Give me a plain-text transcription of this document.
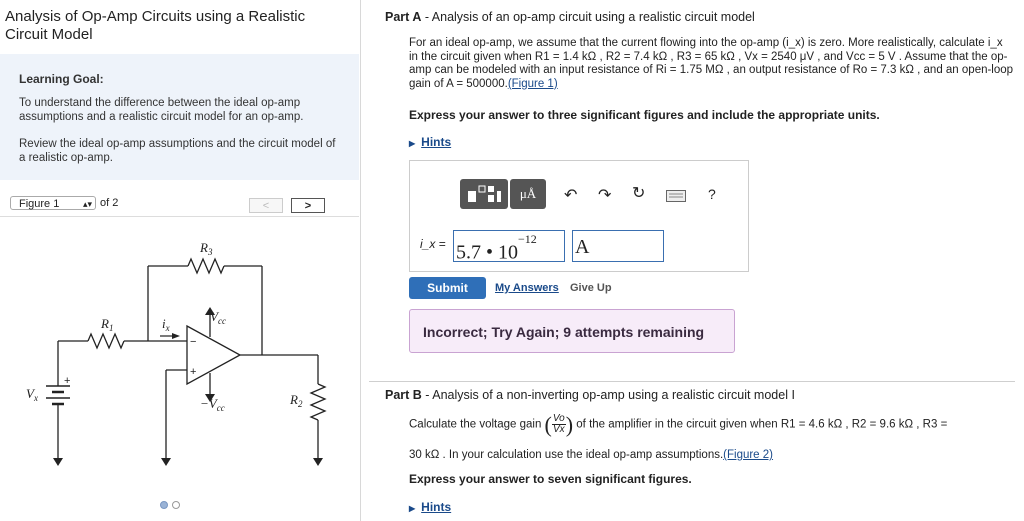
Analysis of Op-Amp Circuits using a Realistic Circuit Model
Learning Goal:
To understand the difference between the ideal op-amp assumptions and a realistic circuit model for an op-amp.
Review the ideal op-amp assumptions and the circuit model of a realistic op-amp.
Figure 1	▴▾ of 2	<	>
$R_3$
$R_1$	$i_x$
$V_{cc}$
$-V_{cc}$
$R_2$
$V_x$
+
−
+
Part A - Analysis of an op-amp circuit using a realistic circuit model
For an ideal op-amp, we assume that the current flowing into the op-amp (i_x) is zero. More realistically, calculate i_x in the circuit given when R1 = 1.4 kΩ , R2 = 7.4 kΩ , R3 = 65 kΩ , Vx = 2540 μV , and Vcc = 5 V . Assume that the op-amp can be modeled with an input resistance of Ri = 1.75 MΩ , an output resistance of Ro = 7.3 kΩ , and an open-loop gain of A = 500000.(Figure 1)
Express your answer to three significant figures and include the appropriate units.
▶ Hints
μÅ	↶ ↷ ↻	?
i_x = 5.7 • $10^{-12}$	A
Submit	My Answers Give Up
Incorrect; Try Again; 9 attempts remaining
Part B - Analysis of a non-inverting op-amp using a realistic circuit model I
Calculate the voltage gain ( $\frac{Vo}{Vx}$) of the amplifier in the circuit given when R1 = 4.6 kΩ , R2 = 9.6 kΩ , R3 =
30 kΩ . In your calculation use the ideal op-amp assumptions.(Figure 2)
Express your answer to seven significant figures.
▶ Hints
